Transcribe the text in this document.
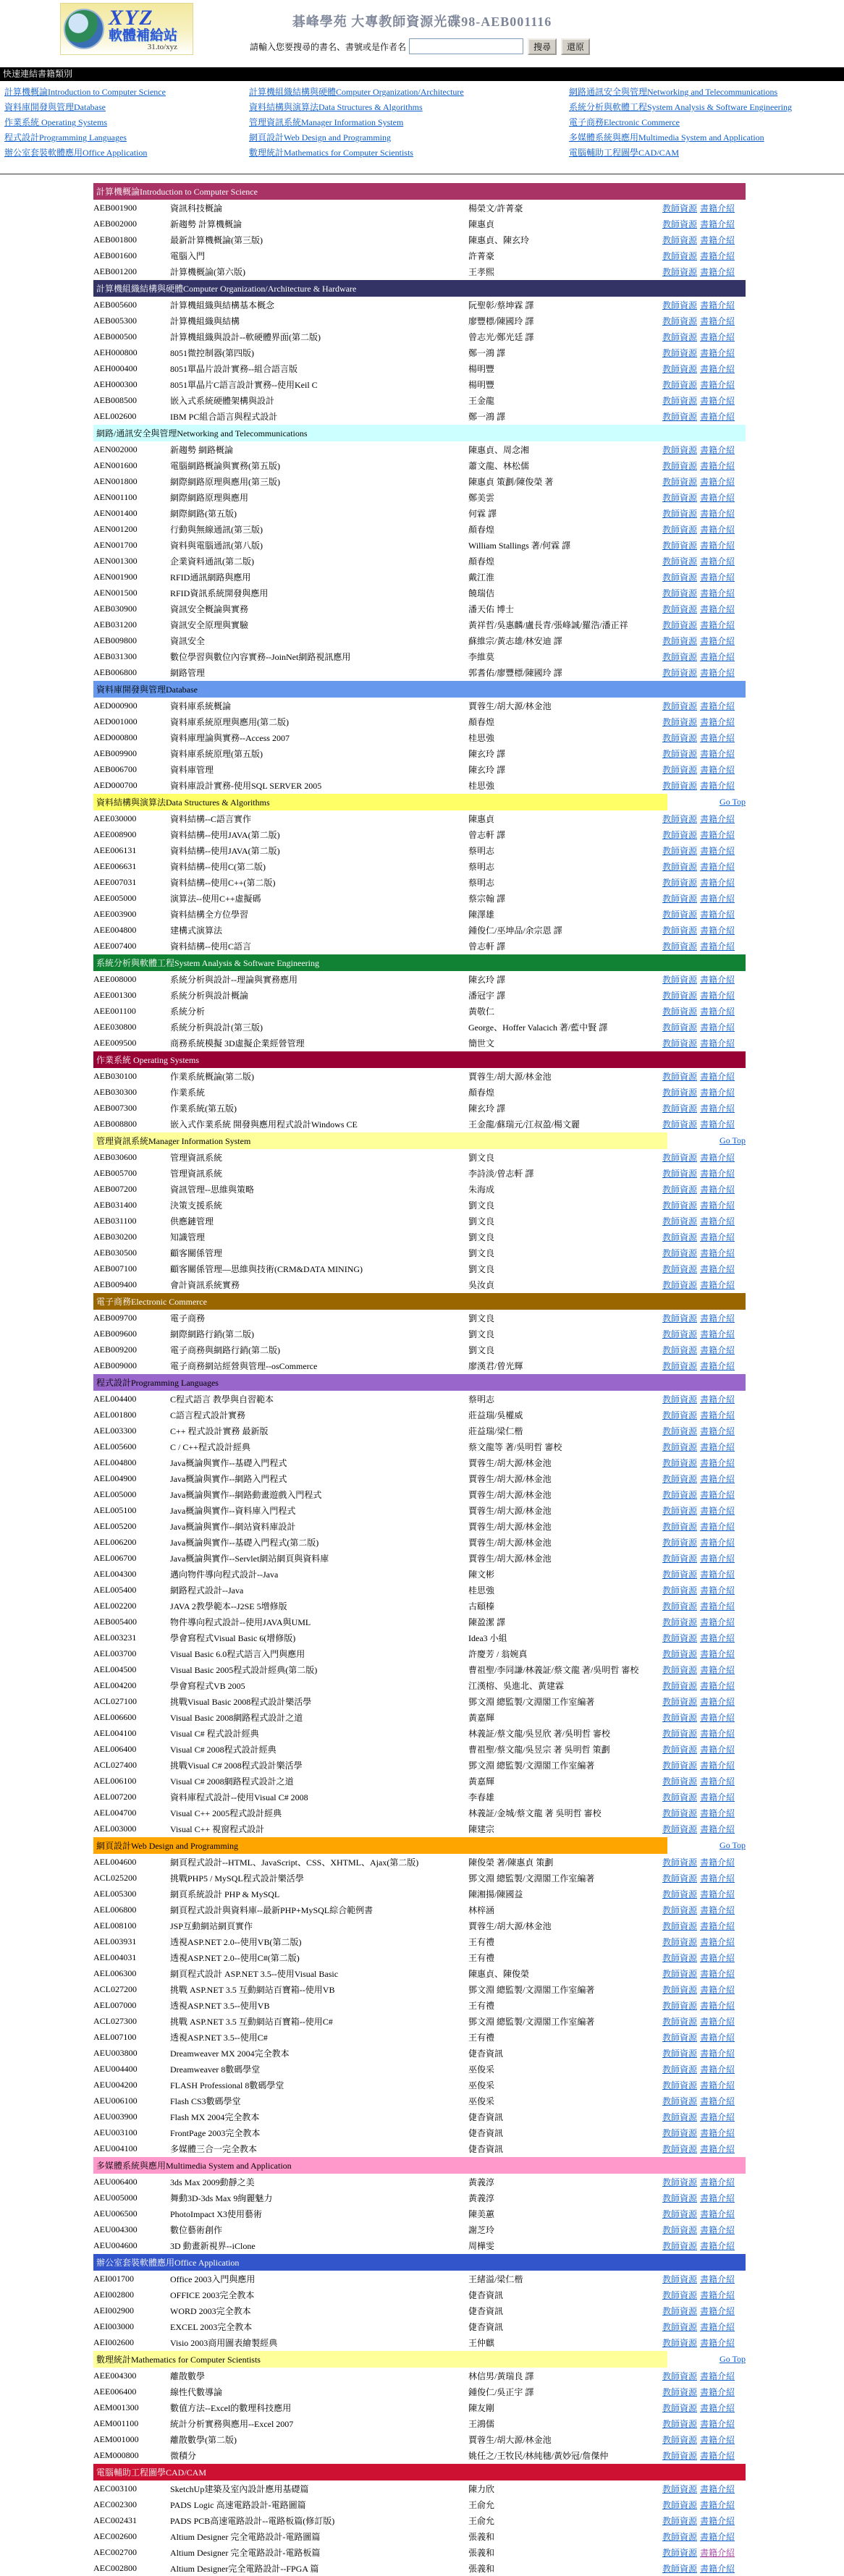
XYZ
軟體補給站
31.to/xyz
碁峰學苑 大專教師資源光碟98-AEB001116
請輸入您要搜尋的書名、書號或是作者名	搜尋	還原
快速連結書籍類別
計算機概論Introduction to Computer Science	計算機組織結構與硬體Computer Organization/Architecture	網路通訊安全與管理Networking and Telecommunications
資料庫開發與管理Database	資料結構與演算法Data Structures & Algorithms	系統分析與軟體工程System Analysis & Software Engineering
作業系統 Operating Systems	管理資訊系統Manager Information System	電子商務Electronic Commerce
程式設計Programming Languages	網頁設計Web Design and Programming	多媒體系統與應用Multimedia System and Application
辦公室套裝軟體應用Office Application	數理統計Mathematics for Computer Scientists	電腦輔助工程圖學CAD/CAM
計算機概論Introduction to Computer Science
AEB001900	資訊科技概論	楊榮文/許菁豪	教師資源 書籍介紹
AEB002000	新趨勢 計算機概論	陳惠貞	教師資源 書籍介紹
AEB001800	最新計算機概論(第三版)	陳惠貞、陳玄玲	教師資源 書籍介紹
AEB001600	電腦入門	許菁豪	教師資源 書籍介紹
AEB001200	計算機概論(第六版)	王孝熙	教師資源 書籍介紹
計算機組織結構與硬體Computer Organization/Architecture & Hardware
AEB005600	計算機組織與結構基本概念	阮聖彰/蔡坤霖 譯	教師資源 書籍介紹
AEB005300	計算機組織與結構	廖豐標/陳國玲 譯	教師資源 書籍介紹
AEB000500	計算機組織與設計--軟硬體界面(第二版)	曾志光/鄭光廷 譯	教師資源 書籍介紹
AEH000800	8051微控制器(第四版)	鄭一鴻 譯	教師資源 書籍介紹
AEH000400	8051單晶片設計實務--組合語言版	楊明豐	教師資源 書籍介紹
AEH000300	8051單晶片C語言設計實務--使用Keil C	楊明豐	教師資源 書籍介紹
AEB008500	嵌入式系統硬體架構與設計	王金龍	教師資源 書籍介紹
AEL002600	IBM PC組合語言與程式設計	鄭一鴻 譯	教師資源 書籍介紹
網路/通訊安全與管理Networking and Telecommunications
AEN002000	新趨勢 網路概論	陳惠貞、周念湘	教師資源 書籍介紹
AEN001600	電腦網路概論與實務(第五版)	蕭文龍、林松儒	教師資源 書籍介紹
AEN001800	網際網路原理與應用(第三版)	陳惠貞 策劃/陳俊榮 著	教師資源 書籍介紹
AEN001100	網際網路原理與應用	鄭美雲	教師資源 書籍介紹
AEN001400	網際網路(第五版)	何霖 譯	教師資源 書籍介紹
AEN001200	行動與無線通訊(第三版)	顏春煌	教師資源 書籍介紹
AEN001700	資料與電腦通訊(第八版)	William Stallings 著/何霖 譯	教師資源 書籍介紹
AEN001300	企業資料通訊(第二版)	顏春煌	教師資源 書籍介紹
AEN001900	RFID通訊網路與應用	戴江淮	教師資源 書籍介紹
AEN001500	RFID資訊系統開發與應用	饒瑞佶	教師資源 書籍介紹
AEB030900	資訊安全概論與實務	潘天佑 博士	教師資源 書籍介紹
AEB031200	資訊安全原理與實驗	黃祥哲/吳惠麟/盧長青/張峰誠/羅浩/潘正祥	教師資源 書籍介紹
AEB009800	資訊安全	蘇維宗/黃志雄/林安迪 譯	教師資源 書籍介紹
AEB031300	數位學習與數位內容實務--JoinNet網路視訊應用	李維莫	教師資源 書籍介紹
AEB006800	網路管理	郭耆佑/廖豐標/陳國玲 譯	教師資源 書籍介紹
資料庫開發與管理Database
AED000900	資料庫系統概論	賈蓉生/胡大源/林金池	教師資源 書籍介紹
AED001000	資料庫系統原理與應用(第二版)	顏春煌	教師資源 書籍介紹
AED000800	資料庫理論與實務--Access 2007	桂思強	教師資源 書籍介紹
AEB009900	資料庫系統原理(第五版)	陳玄玲 譯	教師資源 書籍介紹
AEB006700	資料庫管理	陳玄玲 譯	教師資源 書籍介紹
AED000700	資料庫設計實務-使用SQL SERVER 2005	桂思強	教師資源 書籍介紹
資料結構與演算法Data Structures & Algorithms	Go Top
AEE030000	資料結構--C語言實作	陳惠貞	教師資源 書籍介紹
AEE008900	資料結構--使用JAVA(第二版)	曾志軒 譯	教師資源 書籍介紹
AEE006131	資料結構--使用JAVA(第二版)	蔡明志	教師資源 書籍介紹
AEE006631	資料結構--使用C(第二版)	蔡明志	教師資源 書籍介紹
AEE007031	資料結構--使用C++(第二版)	蔡明志	教師資源 書籍介紹
AEE005000	演算法--使用C++虛擬碼	蔡宗翰 譯	教師資源 書籍介紹
AEE003900	資料結構全方位學習	陳澤雄	教師資源 書籍介紹
AEE004800	建構式演算法	鍾俊仁/巫坤品/余宗恩 譯	教師資源 書籍介紹
AEE007400	資料結構--使用C語言	曾志軒 譯	教師資源 書籍介紹
系統分析與軟體工程System Analysis & Software Engineering
AEE008000	系統分析與設計--理論與實務應用	陳玄玲 譯	教師資源 書籍介紹
AEE001300	系統分析與設計概論	潘冠宇 譯	教師資源 書籍介紹
AEE001100	系統分析	黃敬仁	教師資源 書籍介紹
AEE030800	系統分析與設計(第三版)	George、Hoffer Valacich 著/藍中賢 譯	教師資源 書籍介紹
AEE009500	商務系統模擬 3D虛擬企業經營管理	簡世文	教師資源 書籍介紹
作業系統 Operating Systems
AEB030100	作業系統概論(第二版)	賈蓉生/胡大源/林金池	教師資源 書籍介紹
AEB030300	作業系統	顏春煌	教師資源 書籍介紹
AEB007300	作業系統(第五版)	陳玄玲 譯	教師資源 書籍介紹
AEB008800	嵌入式作業系統 開發與應用程式設計Windows CE	王金龍/蘇瑞元/江叔盈/楊文麗	教師資源 書籍介紹
管理資訊系統Manager Information System	Go Top
AEB030600	管理資訊系統	劉文良	教師資源 書籍介紹
AEB005700	管理資訊系統	李詩淡/曾志軒 譯	教師資源 書籍介紹
AEB007200	資訊管理--思維與策略	朱海成	教師資源 書籍介紹
AEB031400	決策支援系統	劉文良	教師資源 書籍介紹
AEB031100	供應鏈管理	劉文良	教師資源 書籍介紹
AEB030200	知識管理	劉文良	教師資源 書籍介紹
AEB030500	顧客關係管理	劉文良	教師資源 書籍介紹
AEB007100	顧客關係管理—思維與技術(CRM&DATA MINING)	劉文良	教師資源 書籍介紹
AEB009400	會計資訊系統實務	吳汝貞	教師資源 書籍介紹
電子商務Electronic Commerce
AEB009700	電子商務	劉文良	教師資源 書籍介紹
AEB009600	網際網路行銷(第二版)	劉文良	教師資源 書籍介紹
AEB009200	電子商務與網路行銷(第二版)	劉文良	教師資源 書籍介紹
AEB009000	電子商務網站經營與管理--osCommerce	廖漢君/曾光輝	教師資源 書籍介紹
程式設計Programming Languages
AEL004400	C程式語言 教學與自習範本	蔡明志	教師資源 書籍介紹
AEL001800	C語言程式設計實務	莊益瑞/吳權威	教師資源 書籍介紹
AEL003300	C++ 程式設計實務 最新版	莊益瑞/梁仁楷	教師資源 書籍介紹
AEL005600	C / C++程式設計經典	蔡文龍等 著/吳明哲 審校	教師資源 書籍介紹
AEL004800	Java概論與實作--基礎入門程式	賈蓉生/胡大源/林金池	教師資源 書籍介紹
AEL004900	Java概論與實作--網路入門程式	賈蓉生/胡大源/林金池	教師資源 書籍介紹
AEL005000	Java概論與實作--網路動畫遊戲入門程式	賈蓉生/胡大源/林金池	教師資源 書籍介紹
AEL005100	Java概論與實作--資料庫入門程式	賈蓉生/胡大源/林金池	教師資源 書籍介紹
AEL005200	Java概論與實作--網站資料庫設計	賈蓉生/胡大源/林金池	教師資源 書籍介紹
AEL006200	Java概論與實作--基礎入門程式(第二版)	賈蓉生/胡大源/林金池	教師資源 書籍介紹
AEL006700	Java概論與實作--Servlet網站網頁與資料庫	賈蓉生/胡大源/林金池	教師資源 書籍介紹
AEL004300	邁向物件導向程式設計--Java	陳文彬	教師資源 書籍介紹
AEL005400	網路程式設計--Java	桂思強	教師資源 書籍介紹
AEL002200	JAVA 2教學範本--J2SE 5增修版	古頤榛	教師資源 書籍介紹
AEB005400	物件導向程式設計--使用JAVA與UML	陳盈潔 譯	教師資源 書籍介紹
AEL003231	學會寫程式Visual Basic 6(增修版)	Idea3 小組	教師資源 書籍介紹
AEL003700	Visual Basic 6.0程式語言入門與應用	許慶芳 / 翁婉真	教師資源 書籍介紹
AEL004500	Visual Basic 2005程式設計經典(第二版)	曹祖聖/李同謙/林義証/蔡文龍 著/吳明哲 審校	教師資源 書籍介紹
AEL004200	學會寫程式VB 2005	江漢榕、吳進北、黃建霖	教師資源 書籍介紹
ACL027100	挑戰Visual Basic 2008程式設計樂活學	鄧文淵 總監製/文淵閣工作室編著	教師資源 書籍介紹
AEL006600	Visual Basic 2008網路程式設計之道	黃嘉輝	教師資源 書籍介紹
AEL004100	Visual C# 程式設計經典	林義証/蔡文龍/吳昱欣 著/吳明哲 審校	教師資源 書籍介紹
AEL006400	Visual C# 2008程式設計經典	曹祖聖/蔡文龍/吳昱宗 著 吳明哲 策劃	教師資源 書籍介紹
ACL027400	挑戰Visual C# 2008程式設計樂活學	鄧文淵 總監製/文淵閣工作室編著	教師資源 書籍介紹
AEL006100	Visual C# 2008網路程式設計之道	黃嘉輝	教師資源 書籍介紹
AEL007200	資料庫程式設計--使用Visual C# 2008	李春雄	教師資源 書籍介紹
AEL004700	Visual C++ 2005程式設計經典	林義証/金城/蔡文龍 著 吳明哲 審校	教師資源 書籍介紹
AEL003000	Visual C++ 視窗程式設計	陳建宗	教師資源 書籍介紹
網頁設計Web Design and Programming	Go Top
AEL004600	網頁程式設計--HTML、JavaScript、CSS、XHTML、Ajax(第二版)	陳俊榮 著/陳惠貞 策劃	教師資源 書籍介紹
ACL025200	挑戰PHP5 / MySQL程式設計樂活學	鄧文淵 總監製/文淵閣工作室編著	教師資源 書籍介紹
AEL005300	網頁系統設計 PHP & MySQL	陳湘揚/陳國益	教師資源 書籍介紹
AEL006800	網頁程式設計與資料庫--最新PHP+MySQL綜合範例書	林梓涵	教師資源 書籍介紹
AEL008100	JSP互動網站網頁實作	賈蓉生/胡大源/林金池	教師資源 書籍介紹
AEL003931	透視ASP.NET 2.0--使用VB(第二版)	王有禮	教師資源 書籍介紹
AEL004031	透視ASP.NET 2.0--使用C#(第二版)	王有禮	教師資源 書籍介紹
AEL006300	網頁程式設計 ASP.NET 3.5--使用Visual Basic	陳惠貞、陳俊榮	教師資源 書籍介紹
ACL027200	挑戰 ASP.NET 3.5 互動網站百寶箱--使用VB	鄧文淵 總監製/文淵閣工作室編著	教師資源 書籍介紹
AEL007000	透視ASP.NET 3.5--使用VB	王有禮	教師資源 書籍介紹
ACL027300	挑戰 ASP.NET 3.5 互動網站百寶箱--使用C#	鄧文淵 總監製/文淵閣工作室編著	教師資源 書籍介紹
AEL007100	透視ASP.NET 3.5--使用C#	王有禮	教師資源 書籍介紹
AEU003800	Dreamweaver MX 2004完全教本	倢杳資訊	教師資源 書籍介紹
AEU004400	Dreamweaver 8數碼學堂	巫俊采	教師資源 書籍介紹
AEU004200	FLASH Professional 8數碼學堂	巫俊采	教師資源 書籍介紹
AEU006100	Flash CS3數碼學堂	巫俊采	教師資源 書籍介紹
AEU003900	Flash MX 2004完全教本	倢杳資訊	教師資源 書籍介紹
AEU003100	FrontPage 2003完全教本	倢杳資訊	教師資源 書籍介紹
AEU004100	多媒體三合一完全教本	倢杳資訊	教師資源 書籍介紹
多媒體系統與應用Multimedia System and Application
AEU006400	3ds Max 2009動靜之美	黃義淳	教師資源 書籍介紹
AEU005000	舞動3D-3ds Max 9絢麗魅力	黃義淳	教師資源 書籍介紹
AEU006500	PhotoImpact X3使用藝術	陳美蕙	教師資源 書籍介紹
AEU004300	數位藝術創作	謝芝玲	教師資源 書籍介紹
AEU004600	3D 動畫新視界--iClone	周樺雯	教師資源 書籍介紹
辦公室套裝軟體應用Office Application
AEI001700	Office 2003入門與應用	王緒溢/梁仁楷	教師資源 書籍介紹
AEI002800	OFFICE 2003完全教本	倢杳資訊	教師資源 書籍介紹
AEI002900	WORD 2003完全教本	倢杳資訊	教師資源 書籍介紹
AEI003000	EXCEL 2003完全教本	倢杳資訊	教師資源 書籍介紹
AEI002600	Visio 2003商用圖表繪製經典	王仲麒	教師資源 書籍介紹
數理統計Mathematics for Computer Scientists	Go Top
AEE004300	離散數學	林信男/黃瑞良 譯	教師資源 書籍介紹
AEE006400	線性代數導論	鍾俊仁/吳正宇 譯	教師資源 書籍介紹
AEM001300	數值方法--Excel的數理科技應用	陳友剛	教師資源 書籍介紹
AEM001100	統計分析實務與應用--Excel 2007	王鴻儒	教師資源 書籍介紹
AEM001000	離散數學(第二版)	賈蓉生/胡大源/林金池	教師資源 書籍介紹
AEM000800	微積分	姚任之/王牧民/林純穗/黃妙冠/詹傑仲	教師資源 書籍介紹
電腦輔助工程圖學CAD/CAM
AEC003100	SketchUp建築及室內設計應用基礎篇	陳力欣	教師資源 書籍介紹
AEC002300	PADS Logic 高速電路設計-電路圖篇	王俞允	教師資源 書籍介紹
AEC002431	PADS PCB高速電路設計--電路板篇(修訂版)	王俞允	教師資源 書籍介紹
AEC002600	Altium Designer 完全電路設計-電路圖篇	張義和	教師資源 書籍介紹
AEC002700	Altium Designer 完全電路設計-電路板篇	張義和	教師資源 書籍介紹
AEC002800	Altium Designer完全電路設計--FPGA 篇	張義和	教師資源 書籍介紹
